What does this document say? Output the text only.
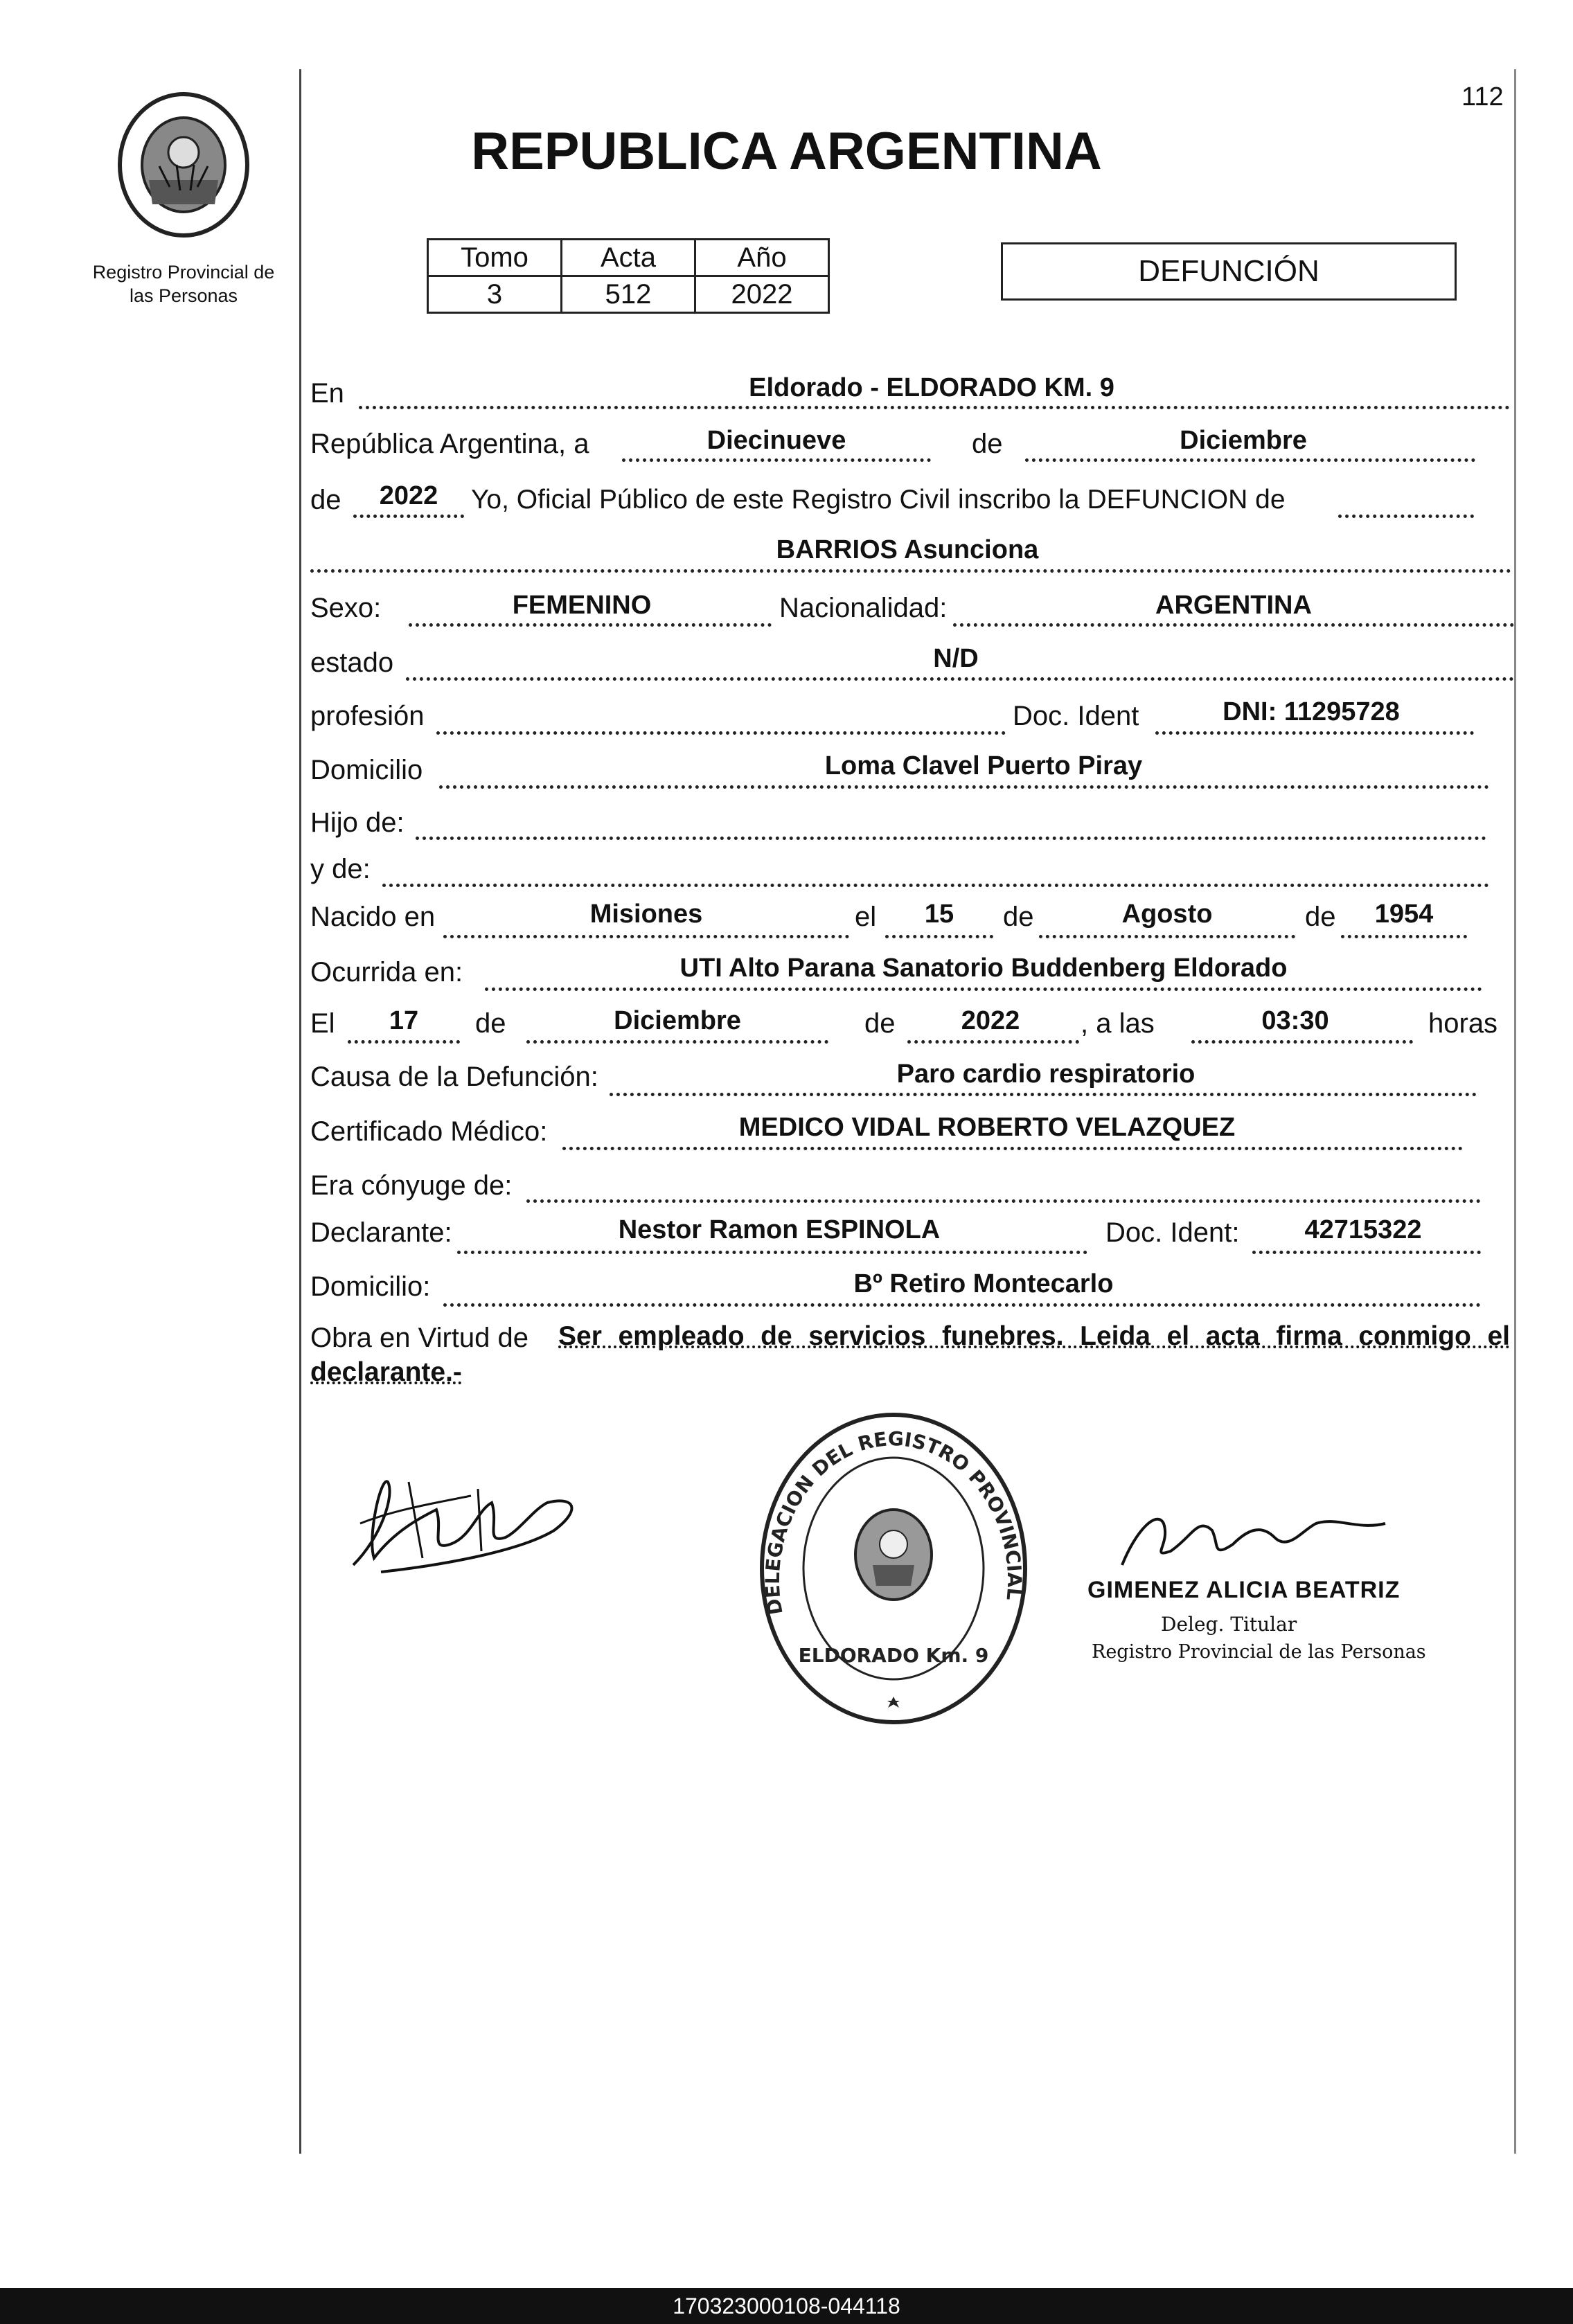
112
Registro Provincial de
las Personas
REPUBLICA ARGENTINA
Tomo	Acta	Año
3	512	2022
DEFUNCIÓN
En	Eldorado - ELDORADO KM. 9
República Argentina, a	Diecinueve	de	Diciembre
de	2022	Yo, Oficial Público de este Registro Civil inscribo la DEFUNCION de
BARRIOS Asunciona
Sexo:	FEMENINO	Nacionalidad:	ARGENTINA
estado	N/D
profesión	Doc. Ident	DNI: 11295728
Domicilio	Loma Clavel Puerto Piray
Hijo de:
y de:
Nacido en	Misiones	el	15	de	Agosto	de	1954
Ocurrida en:	UTI Alto Parana Sanatorio Buddenberg Eldorado
El	17	de	Diciembre	de	2022	, a las	03:30	horas
Causa de la Defunción:	Paro cardio respiratorio
Certificado Médico:	MEDICO VIDAL ROBERTO VELAZQUEZ
Era cónyuge de:
Declarante:	Nestor Ramon ESPINOLA	Doc. Ident:	42715322
Domicilio:	Bº Retiro Montecarlo
Obra en Virtud de Ser empleado de servicios funebres. Leida el acta firma conmigo el
declarante.-
DELEGACION DEL REGISTRO PROVINCIAL
ELDORADO Km. 9
GIMENEZ ALICIA BEATRIZ
Deleg. Titular
Registro Provincial de las Personas
170323000108-044118
